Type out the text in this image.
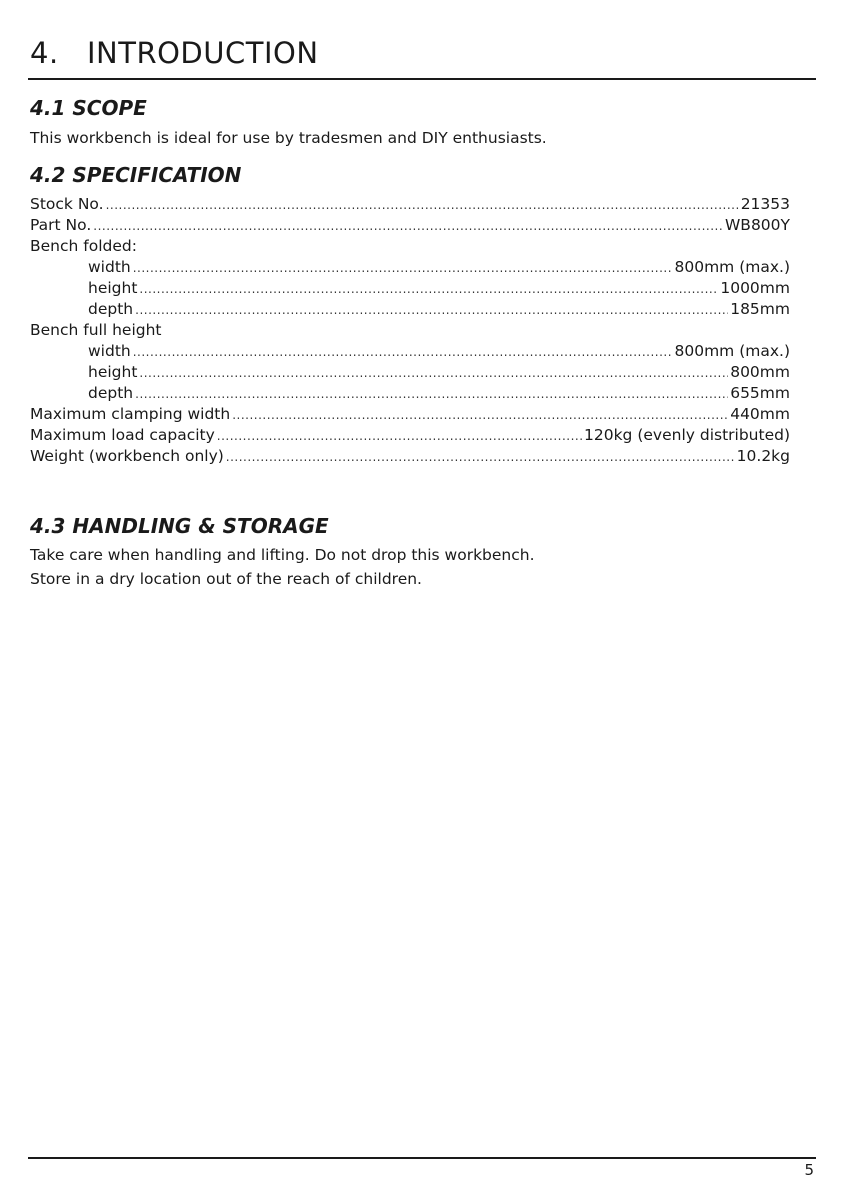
4. INTRODUCTION
4.1 SCOPE

This workbench is ideal for use by tradesmen and DIY enthusiasts.

4.2 SPECIFICATION
Stock No. .....	21353
Part No. .....	WB800Y
Bench folded:
width .....	800mm (max.)
height .....	1000mm
depth .....	185mm
Bench full height
width .....	800mm (max.)
height .....	800mm
depth .....	655mm
Maximum clamping width .....	440mm
Maximum load capacity .....	120kg (evenly distributed)
Weight (workbench only) .....	10.2kg
4.3 HANDLING & STORAGE

Take care when handling and lifting. Do not drop this workbench.

Store in a dry location out of the reach of children.

5
